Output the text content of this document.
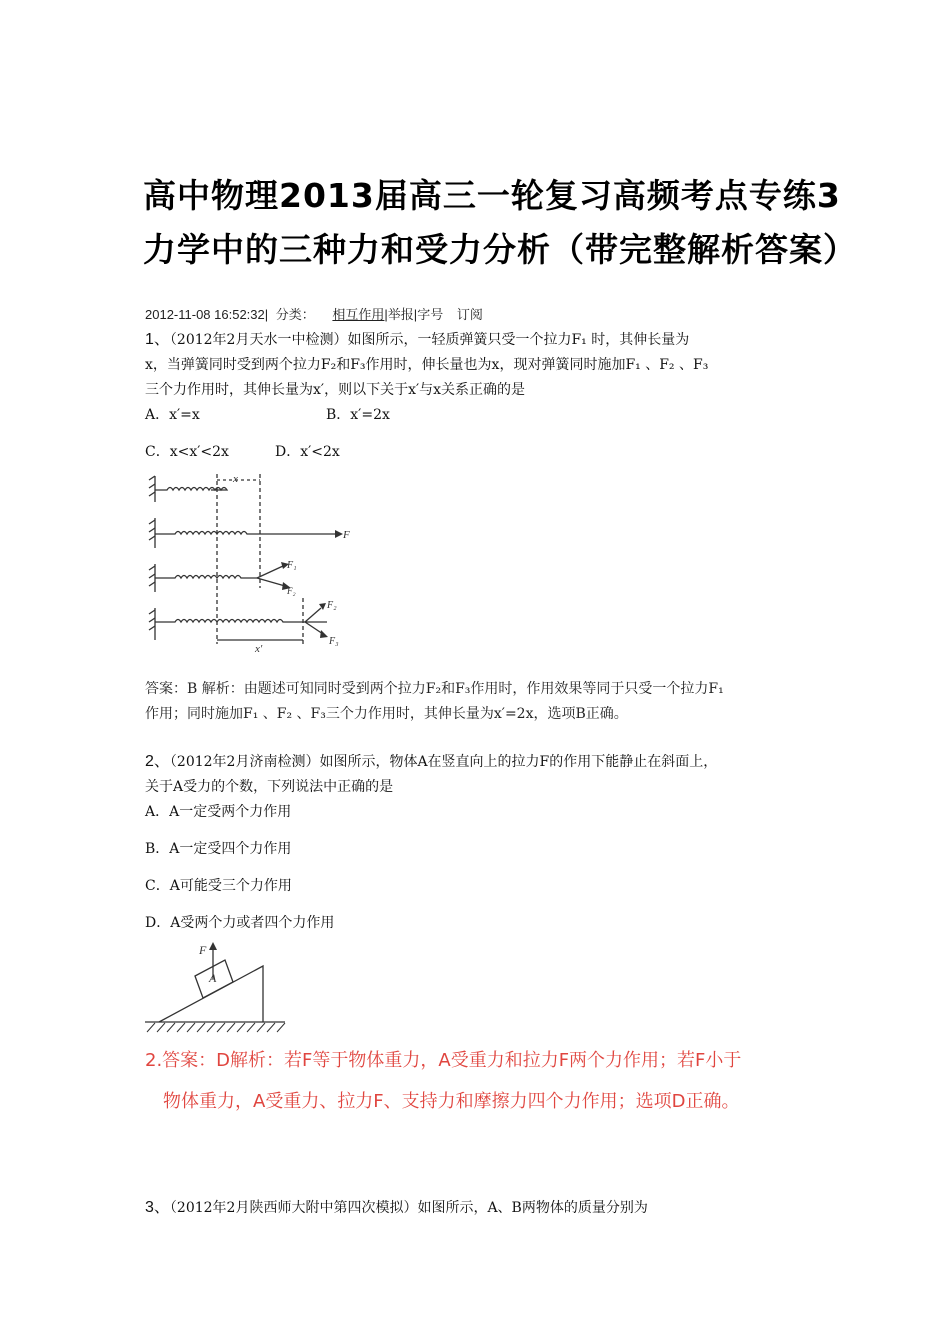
高中物理2013届高三一轮复习高频考点专练3
力学中的三种力和受力分析（带完整解析答案）
2012-11-08 16:52:32| 分类： 相互作用|举报|字号 订阅
1、（2012年2月天水一中检测）如图所示，一轻质弹簧只受一个拉力F₁ 时，其伸长量为
x，当弹簧同时受到两个拉力F₂和F₃作用时，伸长量也为x，现对弹簧同时施加F₁ 、F₂ 、F₃
三个力作用时，其伸长量为x′，则以下关于x′与x关系正确的是
A．x′=x	B．x′=2x
C．x<x′<2x	D．x′<2x
x
x′
F
F₁
F₂
F₂
F₃
答案：B 解析：由题述可知同时受到两个拉力F₂和F₃作用时，作用效果等同于只受一个拉力F₁
作用；同时施加F₁ 、F₂ 、F₃三个力作用时，其伸长量为x′=2x，选项B正确。
2、（2012年2月济南检测）如图所示，物体A在竖直向上的拉力F的作用下能静止在斜面上，
关于A受力的个数，下列说法中正确的是
A．A一定受两个力作用
B．A一定受四个力作用
C．A可能受三个力作用
D．A受两个力或者四个力作用
F
A
2.答案：D解析：若F等于物体重力，A受重力和拉力F两个力作用；若F小于
物体重力，A受重力、拉力F、支持力和摩擦力四个力作用；选项D正确。
3、（2012年2月陕西师大附中第四次模拟）如图所示，A、B两物体的质量分别为
